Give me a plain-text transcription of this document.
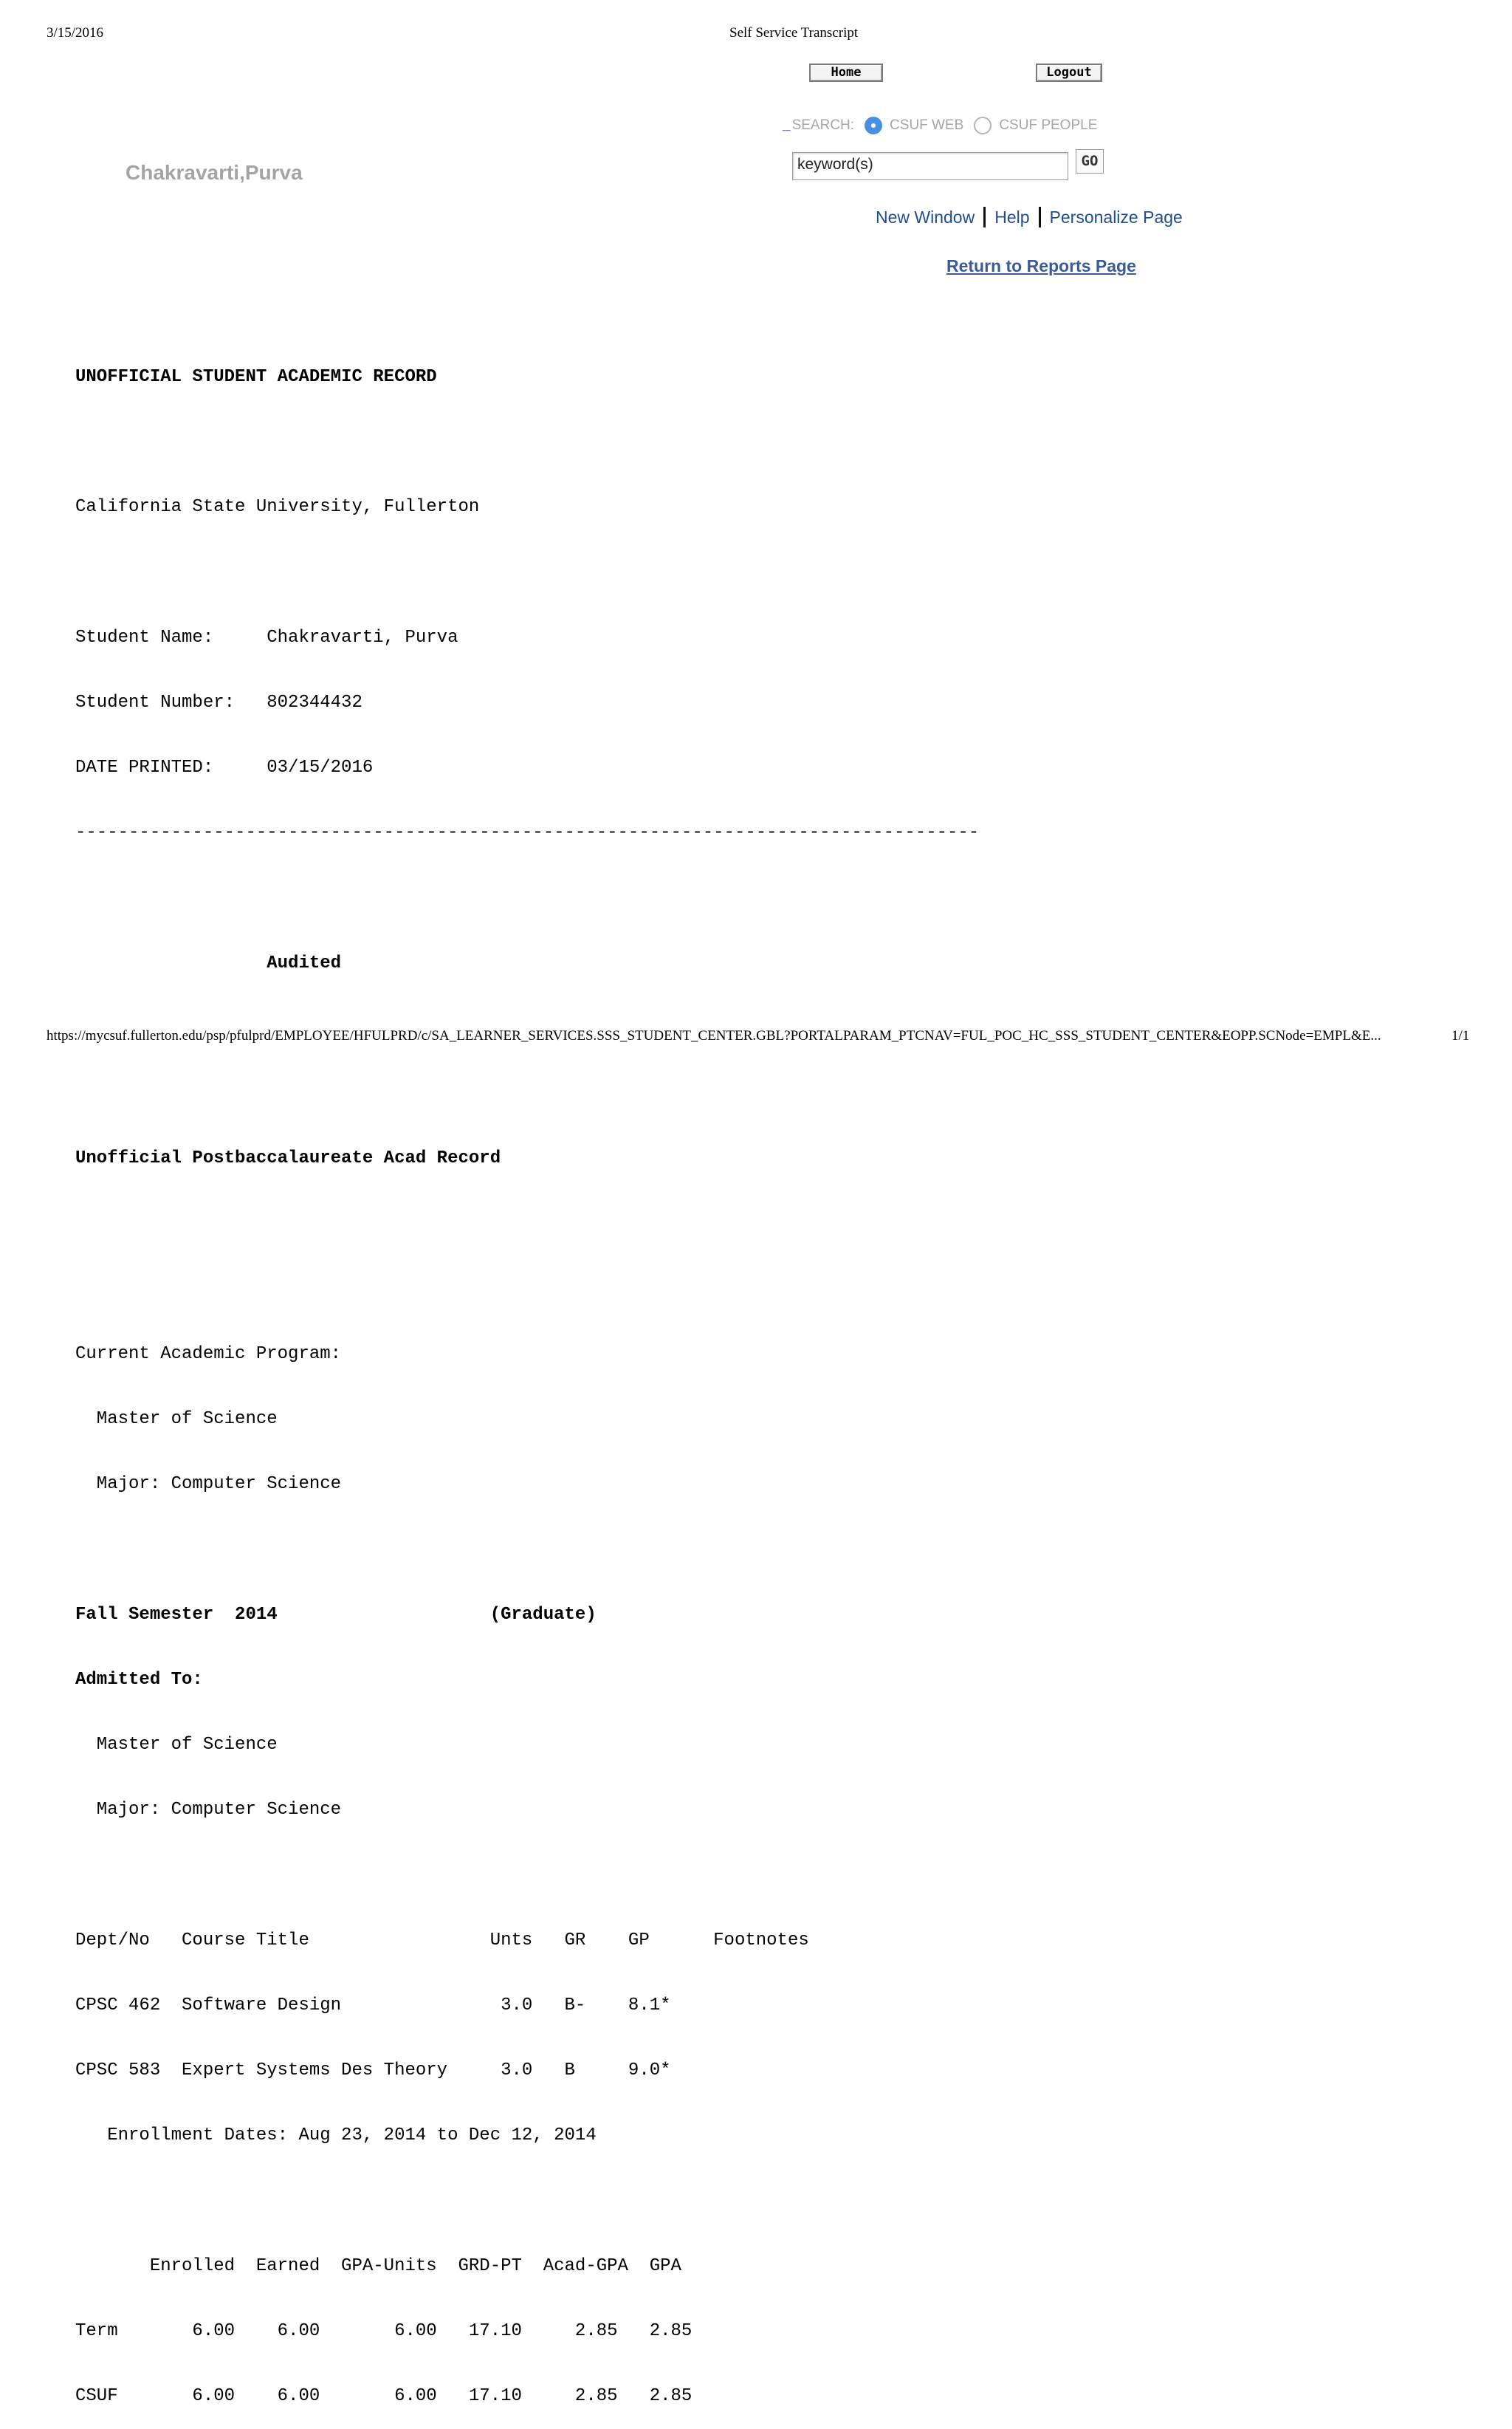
3/15/2016	Self Service Transcript
Home	Logout
_ SEARCH:	CSUF WEB	CSUF PEOPLE
keyword(s)	GO
Chakravarti,Purva
New Window Help Personalize Page
Return to Reports Page

UNOFFICIAL STUDENT ACADEMIC RECORD

California State University, Fullerton

Student Name:     Chakravarti, Purva

Student Number:   802344432

DATE PRINTED:     03/15/2016

-------------------------------------------------------------------------------------

Audited

Unofficial Postbaccalaureate Acad Record

Current Academic Program:

Master of Science

Major: Computer Science

Fall Semester  2014                    (Graduate)

Admitted To:

Master of Science

Major: Computer Science

Dept/No   Course Title                 Unts   GR    GP      Footnotes

CPSC 462  Software Design               3.0   B-    8.1*

CPSC 583  Expert Systems Des Theory     3.0   B     9.0*

Enrollment Dates: Aug 23, 2014 to Dec 12, 2014

Enrolled  Earned  GPA-Units  GRD-PT  Acad-GPA  GPA

Term       6.00    6.00       6.00   17.10     2.85   2.85

CSUF       6.00    6.00       6.00   17.10     2.85   2.85

https://mycsuf.fullerton.edu/psp/pfulprd/EMPLOYEE/HFULPRD/c/SA_LEARNER_SERVICES.SSS_STUDENT_CENTER.GBL?PORTALPARAM_PTCNAV=FUL_POC_HC_SSS_STUDENT_CENTER&EOPP.SCNode=EMPL&E...	1/1
